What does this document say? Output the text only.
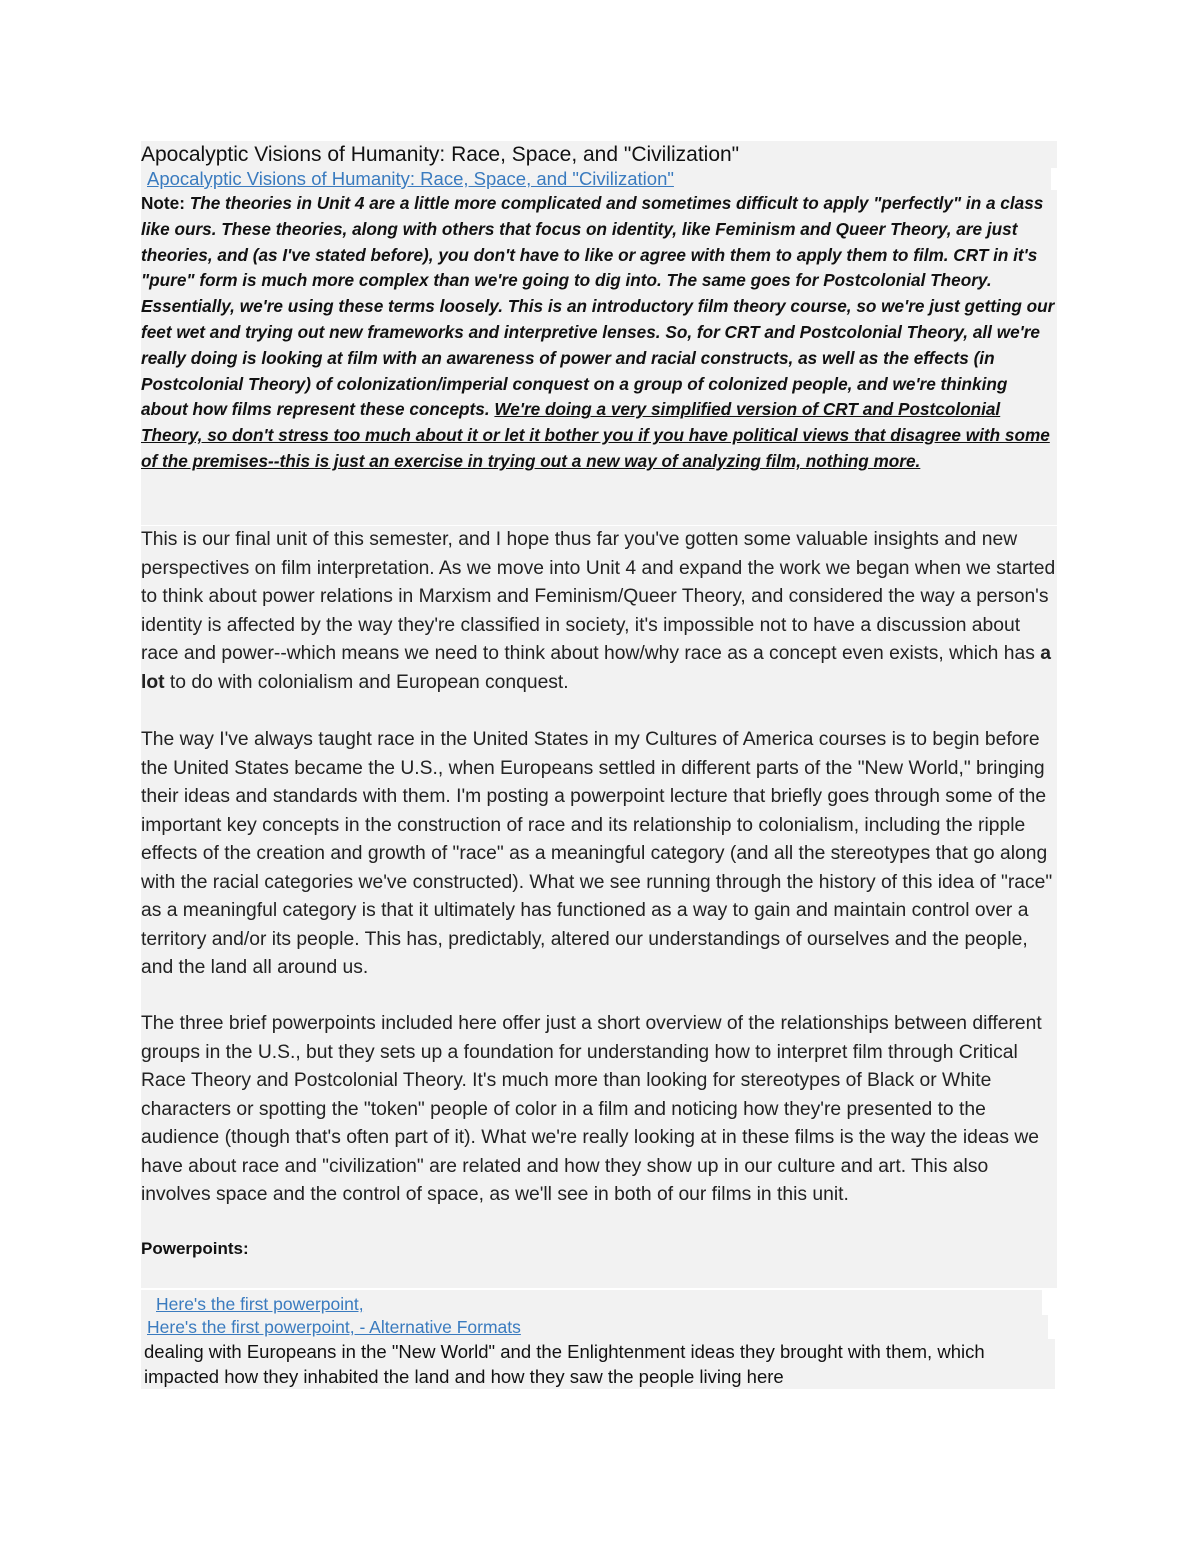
Apocalyptic Visions of Humanity: Race, Space, and "Civilization"
Apocalyptic Visions of Humanity: Race, Space, and "Civilization"
Note: The theories in Unit 4 are a little more complicated and sometimes difficult to apply "perfectly" in a class like ours. These theories, along with others that focus on identity, like Feminism and Queer Theory, are just theories, and (as I've stated before), you don't have to like or agree with them to apply them to film. CRT in it's "pure" form is much more complex than we're going to dig into. The same goes for Postcolonial Theory. Essentially, we're using these terms loosely. This is an introductory film theory course, so we're just getting our feet wet and trying out new frameworks and interpretive lenses. So, for CRT and Postcolonial Theory, all we're really doing is looking at film with an awareness of power and racial constructs, as well as the effects (in Postcolonial Theory) of colonization/imperial conquest on a group of colonized people, and we're thinking about how films represent these concepts. We're doing a very simplified version of CRT and Postcolonial Theory, so don't stress too much about it or let it bother you if you have political views that disagree with some of the premises--this is just an exercise in trying out a new way of analyzing film, nothing more.
This is our final unit of this semester, and I hope thus far you've gotten some valuable insights and new perspectives on film interpretation. As we move into Unit 4 and expand the work we began when we started to think about power relations in Marxism and Feminism/Queer Theory, and considered the way a person's identity is affected by the way they're classified in society, it's impossible not to have a discussion about race and power--which means we need to think about how/why race as a concept even exists, which has a lot to do with colonialism and European conquest.
The way I've always taught race in the United States in my Cultures of America courses is to begin before the United States became the U.S., when Europeans settled in different parts of the "New World," bringing their ideas and standards with them. I'm posting a powerpoint lecture that briefly goes through some of the important key concepts in the construction of race and its relationship to colonialism, including the ripple effects of the creation and growth of "race" as a meaningful category (and all the stereotypes that go along with the racial categories we've constructed). What we see running through the history of this idea of "race" as a meaningful category is that it ultimately has functioned as a way to gain and maintain control over a territory and/or its people. This has, predictably, altered our understandings of ourselves and the people, and the land all around us.
The three brief powerpoints included here offer just a short overview of the relationships between different groups in the U.S., but they sets up a foundation for understanding how to interpret film through Critical Race Theory and Postcolonial Theory. It's much more than looking for stereotypes of Black or White characters or spotting the "token" people of color in a film and noticing how they're presented to the audience (though that's often part of it). What we're really looking at in these films is the way the ideas we have about race and "civilization" are related and how they show up in our culture and art. This also involves space and the control of space, as we'll see in both of our films in this unit.
Powerpoints:
Here's the first powerpoint,
Here's the first powerpoint, - Alternative Formats
dealing with Europeans in the "New World" and the Enlightenment ideas they brought with them, which impacted how they inhabited the land and how they saw the people living here
